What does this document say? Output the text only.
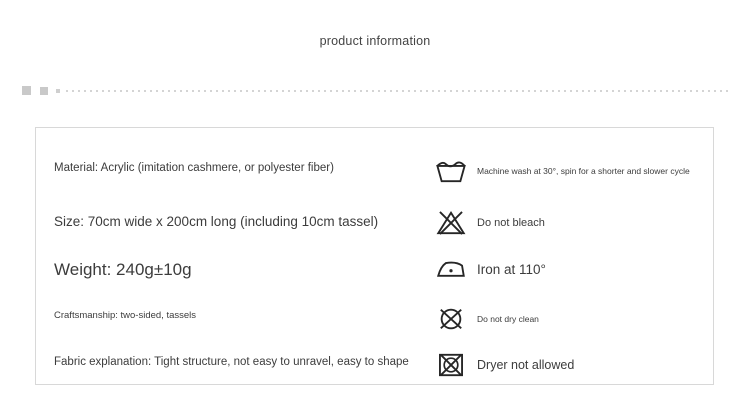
product information
Material: Acrylic (imitation cashmere, or polyester fiber)
Size: 70cm wide x 200cm long (including 10cm tassel)
Weight: 240g±10g
Craftsmanship: two-sided, tassels
Fabric explanation: Tight structure, not easy to unravel, easy to shape
Machine wash at 30°, spin for a shorter and slower cycle
Do not bleach
Iron at 110°
Do not dry clean
Dryer not allowed
